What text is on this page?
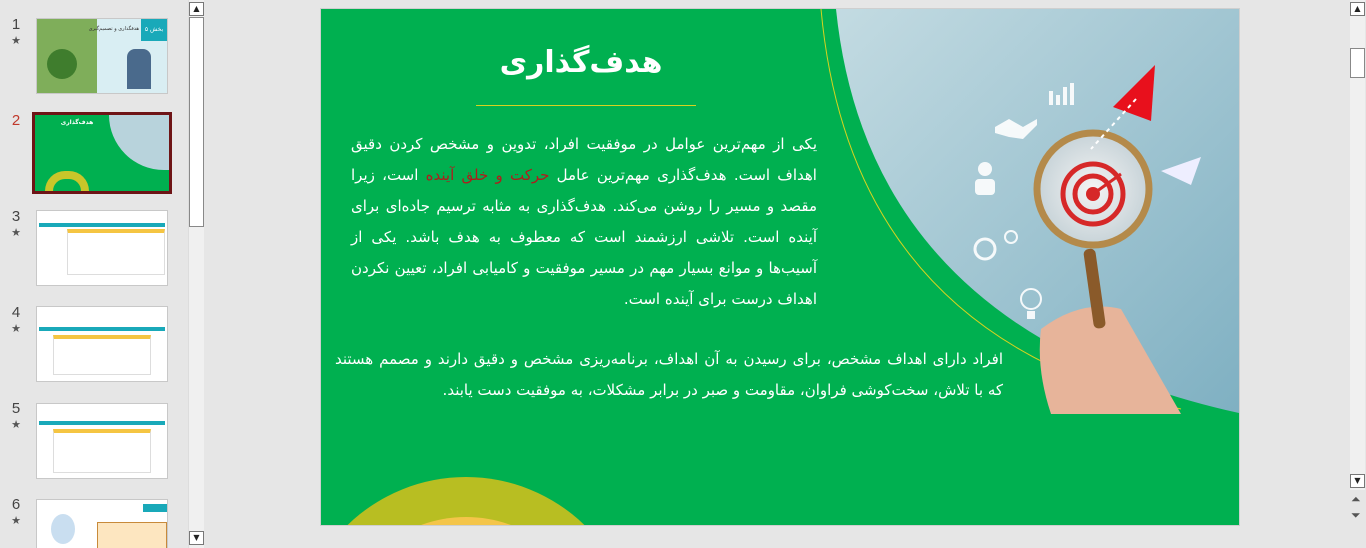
1
★
بخش ۵
هدفگذاری و تصمیم‌گیری
2	هدف‌گذاری
3
★
4
★
5
★
6
★
▲
▼
هدف‌گذاری
یکی از مهم‌ترین عوامل در موفقیت افراد، تدوین و مشخص کردن دقیق اهداف است. هدف‌گذاری مهم‌ترین عامل حرکت و خلق آینده است، زیرا مقصد و مسیر را روشن می‌کند. هدف‌گذاری به مثابه ترسیم جاده‌ای برای آینده است. تلاشی ارزشمند است که معطوف به هدف باشد. یکی از آسیب‌ها و موانع بسیار مهم در مسیر موفقیت و کامیابی افراد، تعیین نکردن اهداف درست برای آینده است.
افراد دارای اهداف مشخص، برای رسیدن به آن اهداف، برنامه‌ریزی مشخص و دقیق دارند و مصمم هستند که با تلاش، سخت‌کوشی فراوان، مقاومت و صبر در برابر مشکلات، به موفقیت دست یابند.
▲
▼
⏶
⏷
